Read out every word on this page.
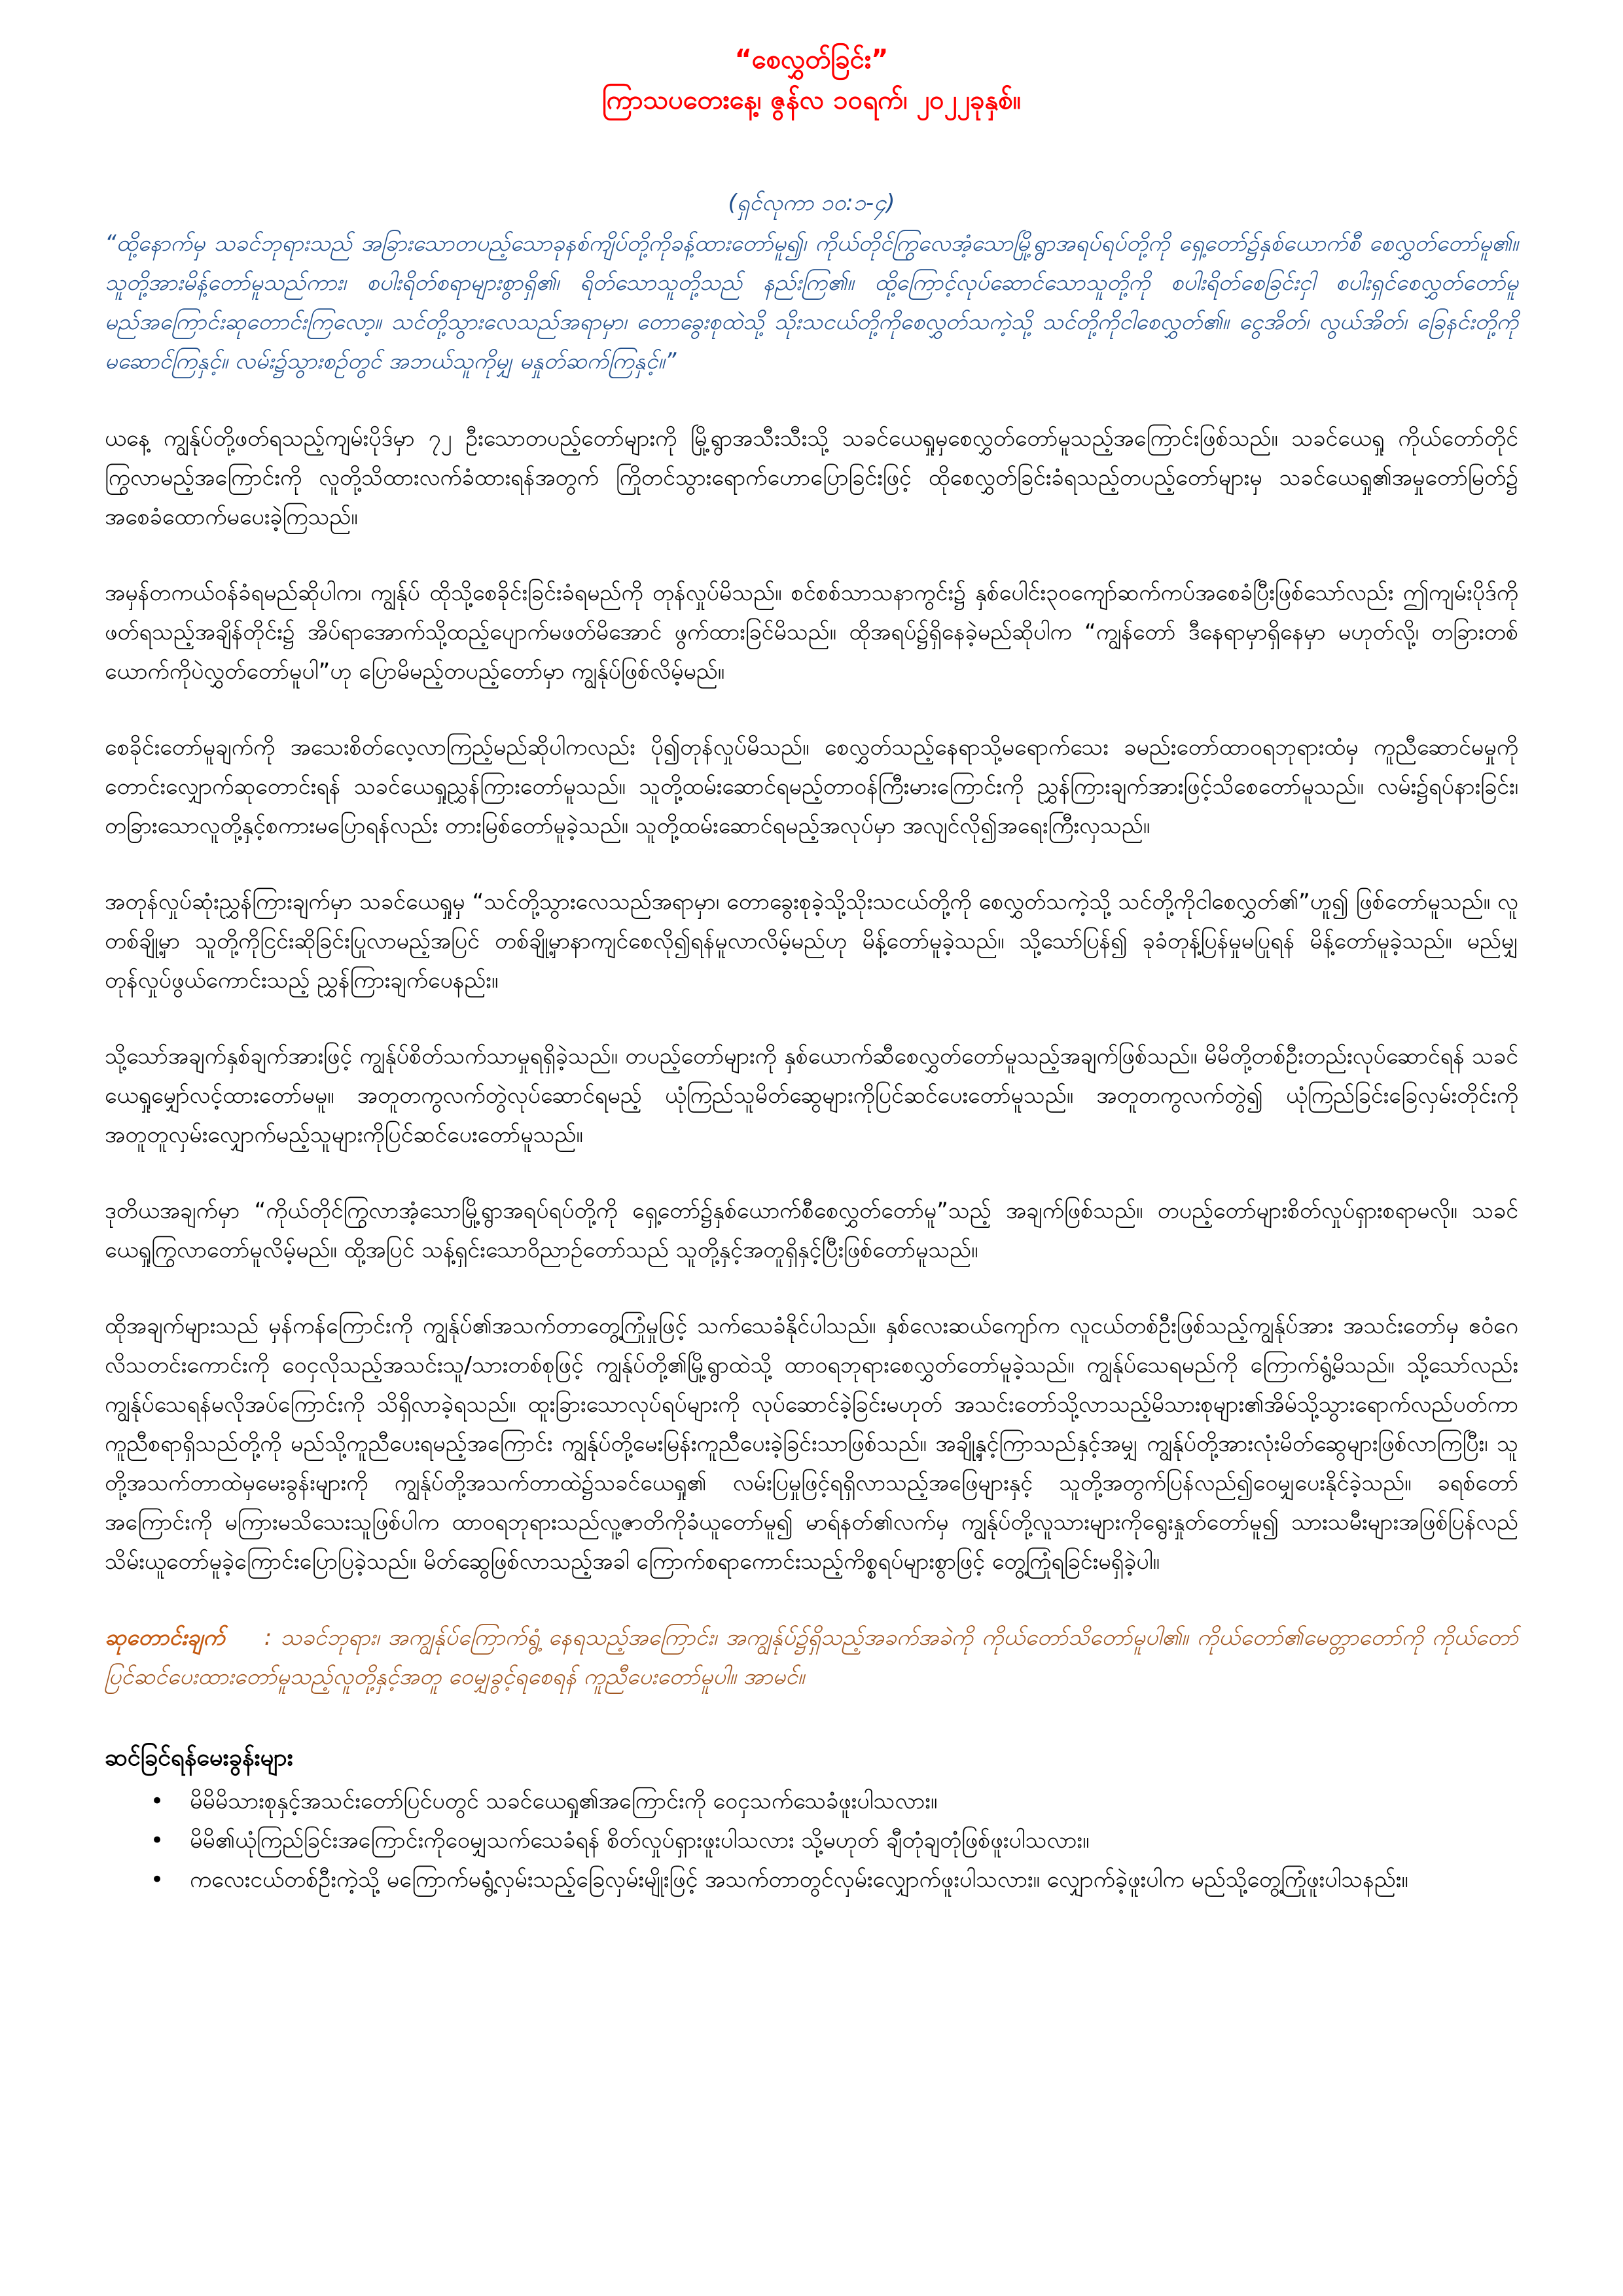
“စေလွှတ်ခြင်း”
ကြာသပတေးနေ့၊ ဇွန်လ ၁၀ရက်၊ ၂၀၂၂ခုနှစ်။
(ရှင်လုကာ ၁၀:၁-၄)

“ထို့နောက်မှ သခင်ဘုရားသည် အခြားသောတပည့်သောခုနစ်ကျိပ်တို့ကိုခန့်ထားတော်မူ၍၊ ကိုယ်တိုင်ကြွလေအံ့သောမြို့ရွာအရပ်ရပ်တို့ကို ရှေ့တော်၌နှစ်ယောက်စီ စေလွှတ်တော်မူ၏။ သူတို့အားမိန့်တော်မူသည်ကား၊ စပါးရိတ်စရာများစွာရှိ၏၊ ရိတ်သောသူတို့သည် နည်းကြ၏။ ထို့ကြောင့်လုပ်ဆောင်သောသူတို့ကို စပါးရိတ်စေခြင်းငှါ စပါးရှင်စေလွှတ်တော်မူမည်အကြောင်းဆုတောင်းကြလော့။ သင်တို့သွားလေသည်အရာမှာ၊ တောခွေးစုထဲသို့ သိုးသငယ်တို့ကိုစေလွှတ်သကဲ့သို့ သင်တို့ကိုငါစေလွှတ်၏။ ငွေအိတ်၊ လွယ်အိတ်၊ ခြေနင်းတို့ကို မဆောင်ကြနှင့်။ လမ်း၌သွားစဉ်တွင် အဘယ်သူကိုမျှ မနှုတ်ဆက်ကြနှင့်။”

ယနေ့ ကျွန်ုပ်တို့ဖတ်ရသည့်ကျမ်းပိုဒ်မှာ ၇၂ ဦးသောတပည့်တော်များကို မြို့ရွာအသီးသီးသို့ သခင်ယေရှုမှစေလွှတ်တော်မူသည့်အကြောင်းဖြစ်သည်။ သခင်ယေရှု ကိုယ်တော်တိုင်ကြွလာမည့်အကြောင်းကို လူတို့သိထားလက်ခံထားရန်အတွက် ကြိုတင်သွားရောက်ဟောပြောခြင်းဖြင့် ထိုစေလွှတ်ခြင်းခံရသည့်တပည့်တော်များမှ သခင်ယေရှု၏အမှုတော်မြတ်၌ အစေခံထောက်မပေးခဲ့ကြသည်။

အမှန်တကယ်ဝန်ခံရမည်ဆိုပါက၊ ကျွန်ုပ် ထိုသို့စေခိုင်းခြင်းခံရမည်ကို တုန်လှုပ်မိသည်။ စင်စစ်သာသနာကွင်း၌ နှစ်ပေါင်း၃၀ကျော်ဆက်ကပ်အစေခံပြီးဖြစ်သော်လည်း ဤကျမ်းပိုဒ်ကိုဖတ်ရသည့်အချိန်တိုင်း၌ အိပ်ရာအောက်သို့ထည့်ပျောက်မဖတ်မိအောင် ဖွက်ထားခြင်မိသည်။ ထိုအရပ်၌ရှိနေခဲ့မည်ဆိုပါက “ကျွန်တော် ဒီနေရာမှာရှိနေမှာ မဟုတ်လို့၊ တခြားတစ်ယောက်ကိုပဲလွှတ်တော်မူပါ”ဟု ပြောမိမည့်တပည့်တော်မှာ ကျွန်ုပ်ဖြစ်လိမ့်မည်။

စေခိုင်းတော်မူချက်ကို အသေးစိတ်လေ့လာကြည့်မည်ဆိုပါကလည်း ပို၍တုန်လှုပ်မိသည်။ စေလွှတ်သည့်နေရာသို့မရောက်သေး ခမည်းတော်ထာဝရဘုရားထံမှ ကူညီဆောင်မမှုကို တောင်းလျှောက်ဆုတောင်းရန် သခင်ယေရှုညွှန်ကြားတော်မူသည်။ သူတို့ထမ်းဆောင်ရမည့်တာဝန်ကြီးမားကြောင်းကို ညွှန်ကြားချက်အားဖြင့်သိစေတော်မူသည်။ လမ်း၌ရပ်နားခြင်း၊ တခြားသောလူတို့နှင့်စကားမပြောရန်လည်း တားမြစ်တော်မူခဲ့သည်။ သူတို့ထမ်းဆောင်ရမည့်အလုပ်မှာ အလျင်လို၍အရေးကြီးလှသည်။

အတုန်လှုပ်ဆုံးညွှန်ကြားချက်မှာ သခင်ယေရှုမှ “သင်တို့သွားလေသည်အရာမှာ၊ တောခွေးစုခဲ့သို့သိုးသငယ်တို့ကို စေလွှတ်သကဲ့သို့ သင်တို့ကိုငါစေလွှတ်၏”ဟူ၍ ဖြစ်တော်မူသည်။ လူတစ်ချို့မှာ သူတို့ကိုငြင်းဆိုခြင်းပြုလာမည့်အပြင် တစ်ချို့မှာနာကျင်စေလို၍ရန်မူလာလိမ့်မည်ဟု မိန့်တော်မူခဲ့သည်။ သို့သော်ပြန်၍ ခုခံတုန့်ပြန်မှုမပြုရန် မိန့်တော်မူခဲ့သည်။ မည်မျှတုန်လှုပ်ဖွယ်ကောင်းသည့် ညွှန်ကြားချက်ပေနည်း။

သို့သော်အချက်နှစ်ချက်အားဖြင့် ကျွန်ုပ်စိတ်သက်သာမှုရရှိခဲ့သည်။ တပည့်တော်များကို နှစ်ယောက်ဆီစေလွှတ်တော်မူသည့်အချက်ဖြစ်သည်။ မိမိတို့တစ်ဦးတည်းလုပ်ဆောင်ရန် သခင်ယေရှုမျှော်လင့်ထားတော်မမူ။ အတူတကွလက်တွဲလုပ်ဆောင်ရမည့် ယုံကြည်သူမိတ်ဆွေများကိုပြင်ဆင်ပေးတော်မူသည်။ အတူတကွလက်တွဲ၍ ယုံကြည်ခြင်းခြေလှမ်းတိုင်းကို အတူတူလှမ်းလျှောက်မည့်သူများကိုပြင်ဆင်ပေးတော်မူသည်။

ဒုတိယအချက်မှာ “ကိုယ်တိုင်ကြွလာအံ့သောမြို့ရွာအရပ်ရပ်တို့ကို ရှေ့တော်၌နှစ်ယောက်စီစေလွှတ်တော်မူ”သည့် အချက်ဖြစ်သည်။ တပည့်တော်များစိတ်လှုပ်ရှားစရာမလို။ သခင်ယေရှုကြွလာတော်မူလိမ့်မည်။ ထို့အပြင် သန့်ရှင်းသောဝိညာဉ်တော်သည် သူတို့နှင့်အတူရှိနှင့်ပြီးဖြစ်တော်မူသည်။

ထိုအချက်များသည် မှန်ကန်ကြောင်းကို ကျွန်ုပ်၏အသက်တာတွေ့ကြုံမှုဖြင့် သက်သေခံနိုင်ပါသည်။ နှစ်လေးဆယ်ကျော်က လူငယ်တစ်ဦးဖြစ်သည့်ကျွန်ုပ်အား အသင်းတော်မှ ဧဝံဂေလိသတင်းကောင်းကို ဝေငှလိုသည့်အသင်းသူ/သားတစ်စုဖြင့် ကျွန်ုပ်တို့၏မြို့ရွာထဲသို့ ထာဝရဘုရားစေလွှတ်တော်မူခဲ့သည်။ ကျွန်ုပ်သေရမည်ကို ကြောက်ရွံ့မိသည်။ သို့သော်လည်း ကျွန်ုပ်သေရန်မလိုအပ်ကြောင်းကို သိရှိလာခဲ့ရသည်။ ထူးခြားသောလုပ်ရပ်များကို လုပ်ဆောင်ခဲ့ခြင်းမဟုတ် အသင်းတော်သို့လာသည့်မိသားစုများ၏အိမ်သို့သွားရောက်လည်ပတ်ကာ ကူညီစရာရှိသည်တို့ကို မည်သို့ကူညီပေးရမည့်အကြောင်း ကျွန်ုပ်တို့မေးမြန်းကူညီပေးခဲ့ခြင်းသာဖြစ်သည်။ အချို့နှင့်ကြာသည်နှင့်အမျှ ကျွန်ုပ်တို့အားလုံးမိတ်ဆွေများဖြစ်လာကြပြီး၊ သူတို့အသက်တာထဲမှမေးခွန်းများကို ကျွန်ုပ်တို့အသက်တာထဲ၌သခင်ယေရှု၏ လမ်းပြမှုဖြင့်ရရှိလာသည့်အဖြေများနှင့် သူတို့အတွက်ပြန်လည်၍ဝေမျှပေးနိုင်ခဲ့သည်။ ခရစ်တော်အကြောင်းကို မကြားမသိသေးသူဖြစ်ပါက ထာဝရဘုရားသည်လူ့ဇာတိကိုခံယူတော်မူ၍ မာရ်နတ်၏လက်မှ ကျွန်ုပ်တို့လူသားများကိုရွေးနှုတ်တော်မူ၍ သားသမီးများအဖြစ်ပြန်လည်သိမ်းယူတော်မူခဲ့ကြောင်းပြောပြခဲ့သည်။ မိတ်ဆွေဖြစ်လာသည့်အခါ ကြောက်စရာကောင်းသည့်ကိစ္စရပ်များစွာဖြင့် တွေ့ကြုံရခြင်းမရှိခဲ့ပါ။

ဆုတောင်းချက် : သခင်ဘုရား၊ အကျွန်ုပ်ကြောက်ရွံ့ နေရသည့်အကြောင်း၊ အကျွန်ုပ်၌ရှိသည့်အခက်အခဲကို ကိုယ်တော်သိတော်မူပါ၏။ ကိုယ်တော်၏မေတ္တာတော်ကို ကိုယ်တော်ပြင်ဆင်ပေးထားတော်မူသည့်လူတို့နှင့်အတူ ဝေမျှခွင့်ရစေရန် ကူညီပေးတော်မူပါ။ အာမင်။

ဆင်ခြင်ရန်မေးခွန်းများ
• မိမိမိသားစုနှင့်အသင်းတော်ပြင်ပတွင် သခင်ယေရှု၏အကြောင်းကို ဝေငှသက်သေခံဖူးပါသလား။
• မိမိ၏ယုံကြည်ခြင်းအကြောင်းကိုဝေမျှသက်သေခံရန် စိတ်လှုပ်ရှားဖူးပါသလား သို့မဟုတ် ချီတုံချတုံဖြစ်ဖူးပါသလား။
• ကလေးငယ်တစ်ဦးကဲ့သို့ မကြောက်မရွံ့လှမ်းသည့်ခြေလှမ်းမျိုးဖြင့် အသက်တာတွင်လှမ်းလျှောက်ဖူးပါသလား။ လျှောက်ခဲ့ဖူးပါက မည်သို့တွေ့ကြုံဖူးပါသနည်း။
